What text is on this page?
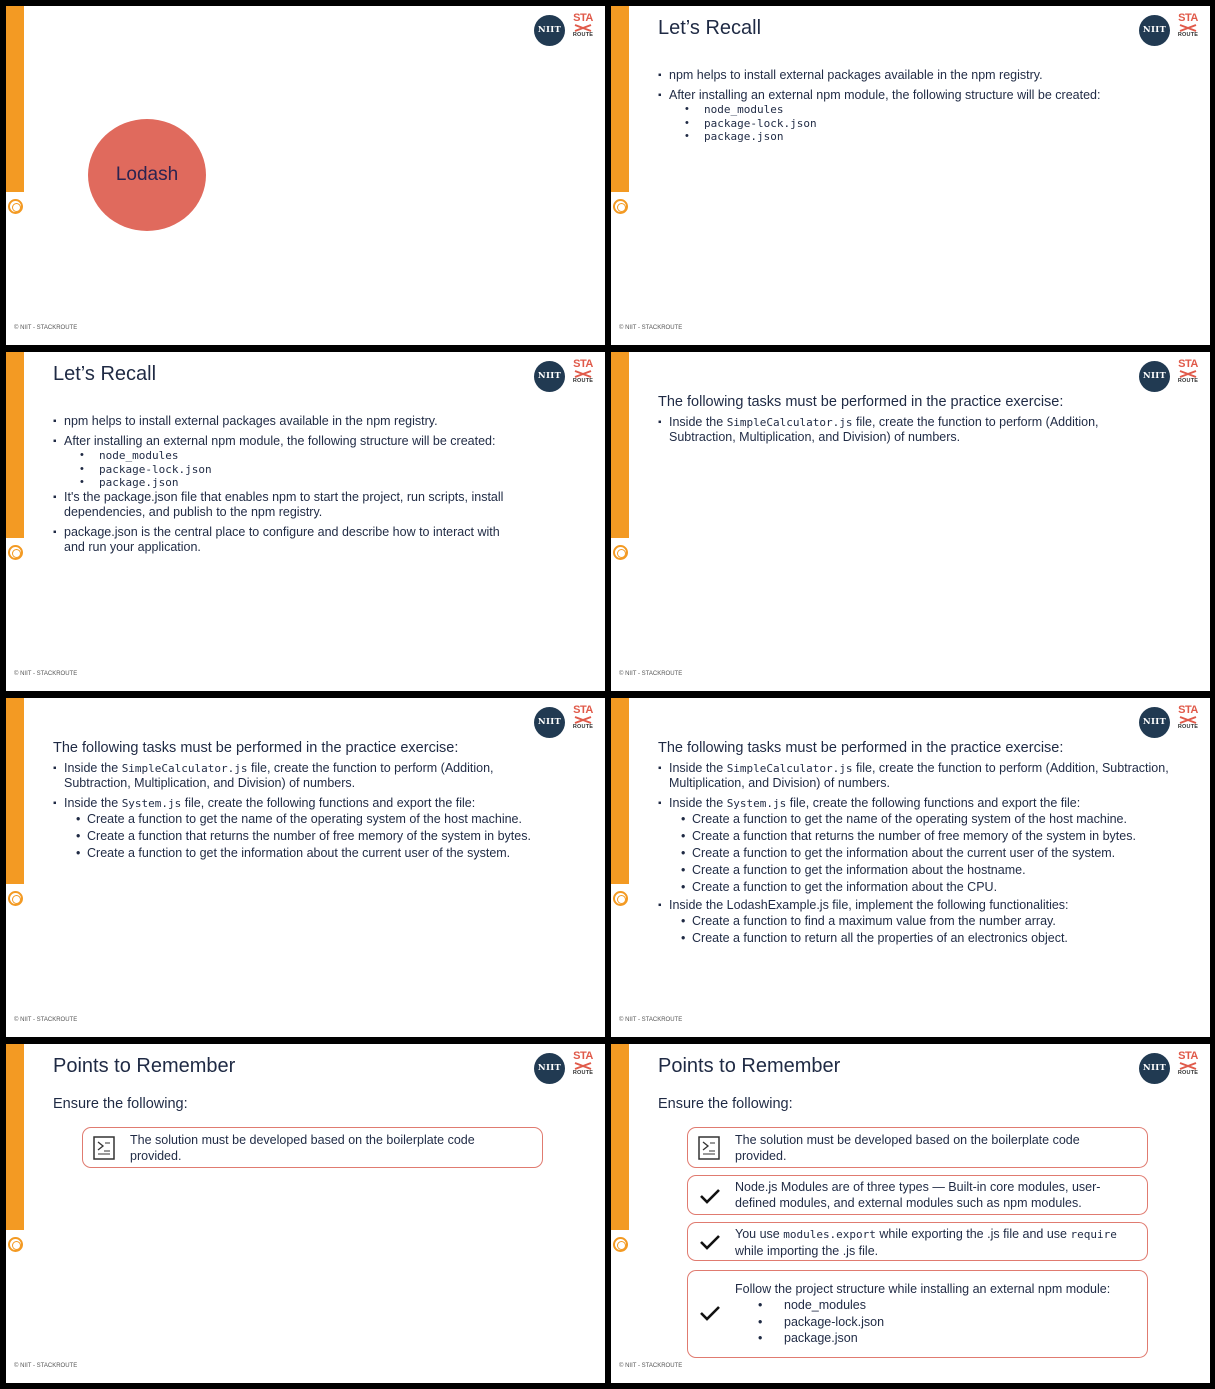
NIIT
STA
ROUTE
Lodash
© NIIT - STACKROUTE
NIIT
STA
ROUTE
Let’s Recall
▪ npm helps to install external packages available in the npm registry.
▪ After installing an external npm module, the following structure will be created:
• node_modules
• package-lock.json
• package.json
© NIIT - STACKROUTE
NIIT
STA
ROUTE
Let’s Recall
▪ npm helps to install external packages available in the npm registry.
▪ After installing an external npm module, the following structure will be created:
• node_modules
• package-lock.json
• package.json
▪ It's the package.json file that enables npm to start the project, run scripts, install dependencies, and publish to the npm registry.
▪ package.json is the central place to configure and describe how to interact with and run your application.
© NIIT - STACKROUTE
NIIT
STA
ROUTE
The following tasks must be performed in the practice exercise:
▪ Inside the SimpleCalculator.js file, create the function to perform (Addition, Subtraction, Multiplication, and Division) of numbers.
© NIIT - STACKROUTE
NIIT
STA
ROUTE
The following tasks must be performed in the practice exercise:
▪ Inside the SimpleCalculator.js file, create the function to perform (Addition, Subtraction, Multiplication, and Division) of numbers.
▪ Inside the System.js file, create the following functions and export the file:
• Create a function to get the name of the operating system of the host machine.
• Create a function that returns the number of free memory of the system in bytes.
• Create a function to get the information about the current user of the system.
© NIIT - STACKROUTE
NIIT
STA
ROUTE
The following tasks must be performed in the practice exercise:
▪ Inside the SimpleCalculator.js file, create the function to perform (Addition, Subtraction, Multiplication, and Division) of numbers.
▪ Inside the System.js file, create the following functions and export the file:
• Create a function to get the name of the operating system of the host machine.
• Create a function that returns the number of free memory of the system in bytes.
• Create a function to get the information about the current user of the system.
• Create a function to get the information about the hostname.
• Create a function to get the information about the CPU.
▪ Inside the LodashExample.js file, implement the following functionalities:
• Create a function to find a maximum value from the number array.
• Create a function to return all the properties of an electronics object.
© NIIT - STACKROUTE
NIIT
STA
ROUTE
Points to Remember
Ensure the following:
The solution must be developed based on the boilerplate code provided.
© NIIT - STACKROUTE
NIIT
STA
ROUTE
Points to Remember
Ensure the following:
The solution must be developed based on the boilerplate code provided.
Node.js Modules are of three types — Built-in core modules, user-defined modules, and external modules such as npm modules.
You use modules.export while exporting the .js file and use require while importing the .js file.
Follow the project structure while installing an external npm module:
• node_modules
• package-lock.json
• package.json
© NIIT - STACKROUTE
